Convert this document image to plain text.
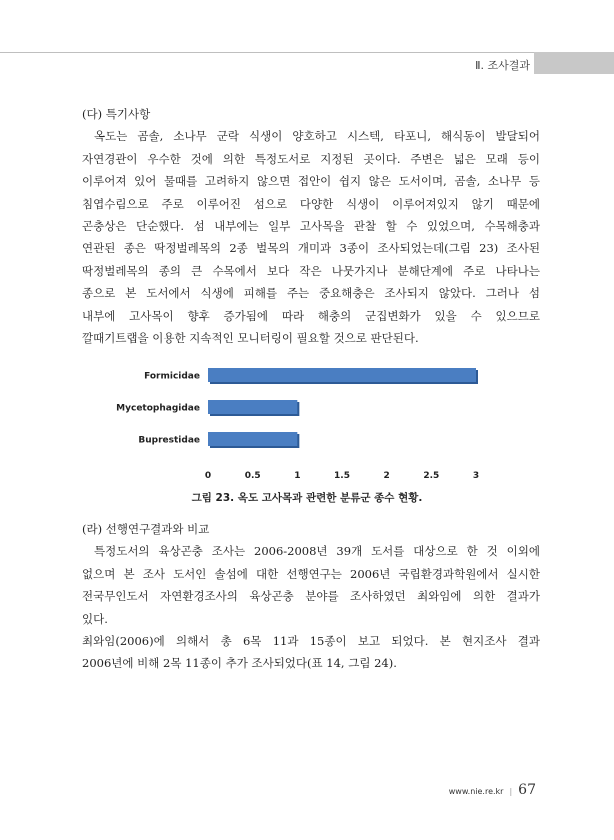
Ⅱ. 조사결과
(다) 특기사항
옥도는 곰솔, 소나무 군락 식생이 양호하고 시스텍, 타포니, 해식동이 발달되어
자연경관이 우수한 것에 의한 특정도서로 지정된 곳이다. 주변은 넓은 모래 등이
이루어져 있어 물때를 고려하지 않으면 접안이 쉽지 않은 도서이며, 곰솔, 소나무 등
침엽수림으로 주로 이루어진 섬으로 다양한 식생이 이루어져있지 않기 때문에
곤충상은 단순했다. 섬 내부에는 일부 고사목을 관찰 할 수 있었으며, 수목해충과
연관된 종은 딱정벌레목의 2종 벌목의 개미과 3종이 조사되었는데(그림 23) 조사된
딱정벌레목의 종의 큰 수목에서 보다 작은 나뭇가지나 분해단계에 주로 나타나는
종으로 본 도서에서 식생에 피해를 주는 중요해충은 조사되지 않았다. 그러나 섬
내부에 고사목이 향후 증가됨에 따라 해충의 군집변화가 있을 수 있으므로
깔때기트랩을 이용한 지속적인 모니터링이 필요할 것으로 판단된다.
Formicidae
Mycetophagidae
Buprestidae
0	0.5	1	1.5	2	2.5	3
그림 23. 옥도 고사목과 관련한 분류군 종수 현황.
(라) 선행연구결과와 비교
특정도서의 육상곤충 조사는 2006-2008년 39개 도서를 대상으로 한 것 이외에
없으며 본 조사 도서인 솔섬에 대한 선행연구는 2006년 국립환경과학원에서 실시한
전국무인도서 자연환경조사의 육상곤충 분야를 조사하였던 최와임에 의한 결과가
있다.
최와임(2006)에 의해서 총 6목 11과 15종이 보고 되었다. 본 현지조사 결과
2006년에 비해 2목 11종이 추가 조사되었다(표 14, 그림 24).
www.nie.re.kr | 67
